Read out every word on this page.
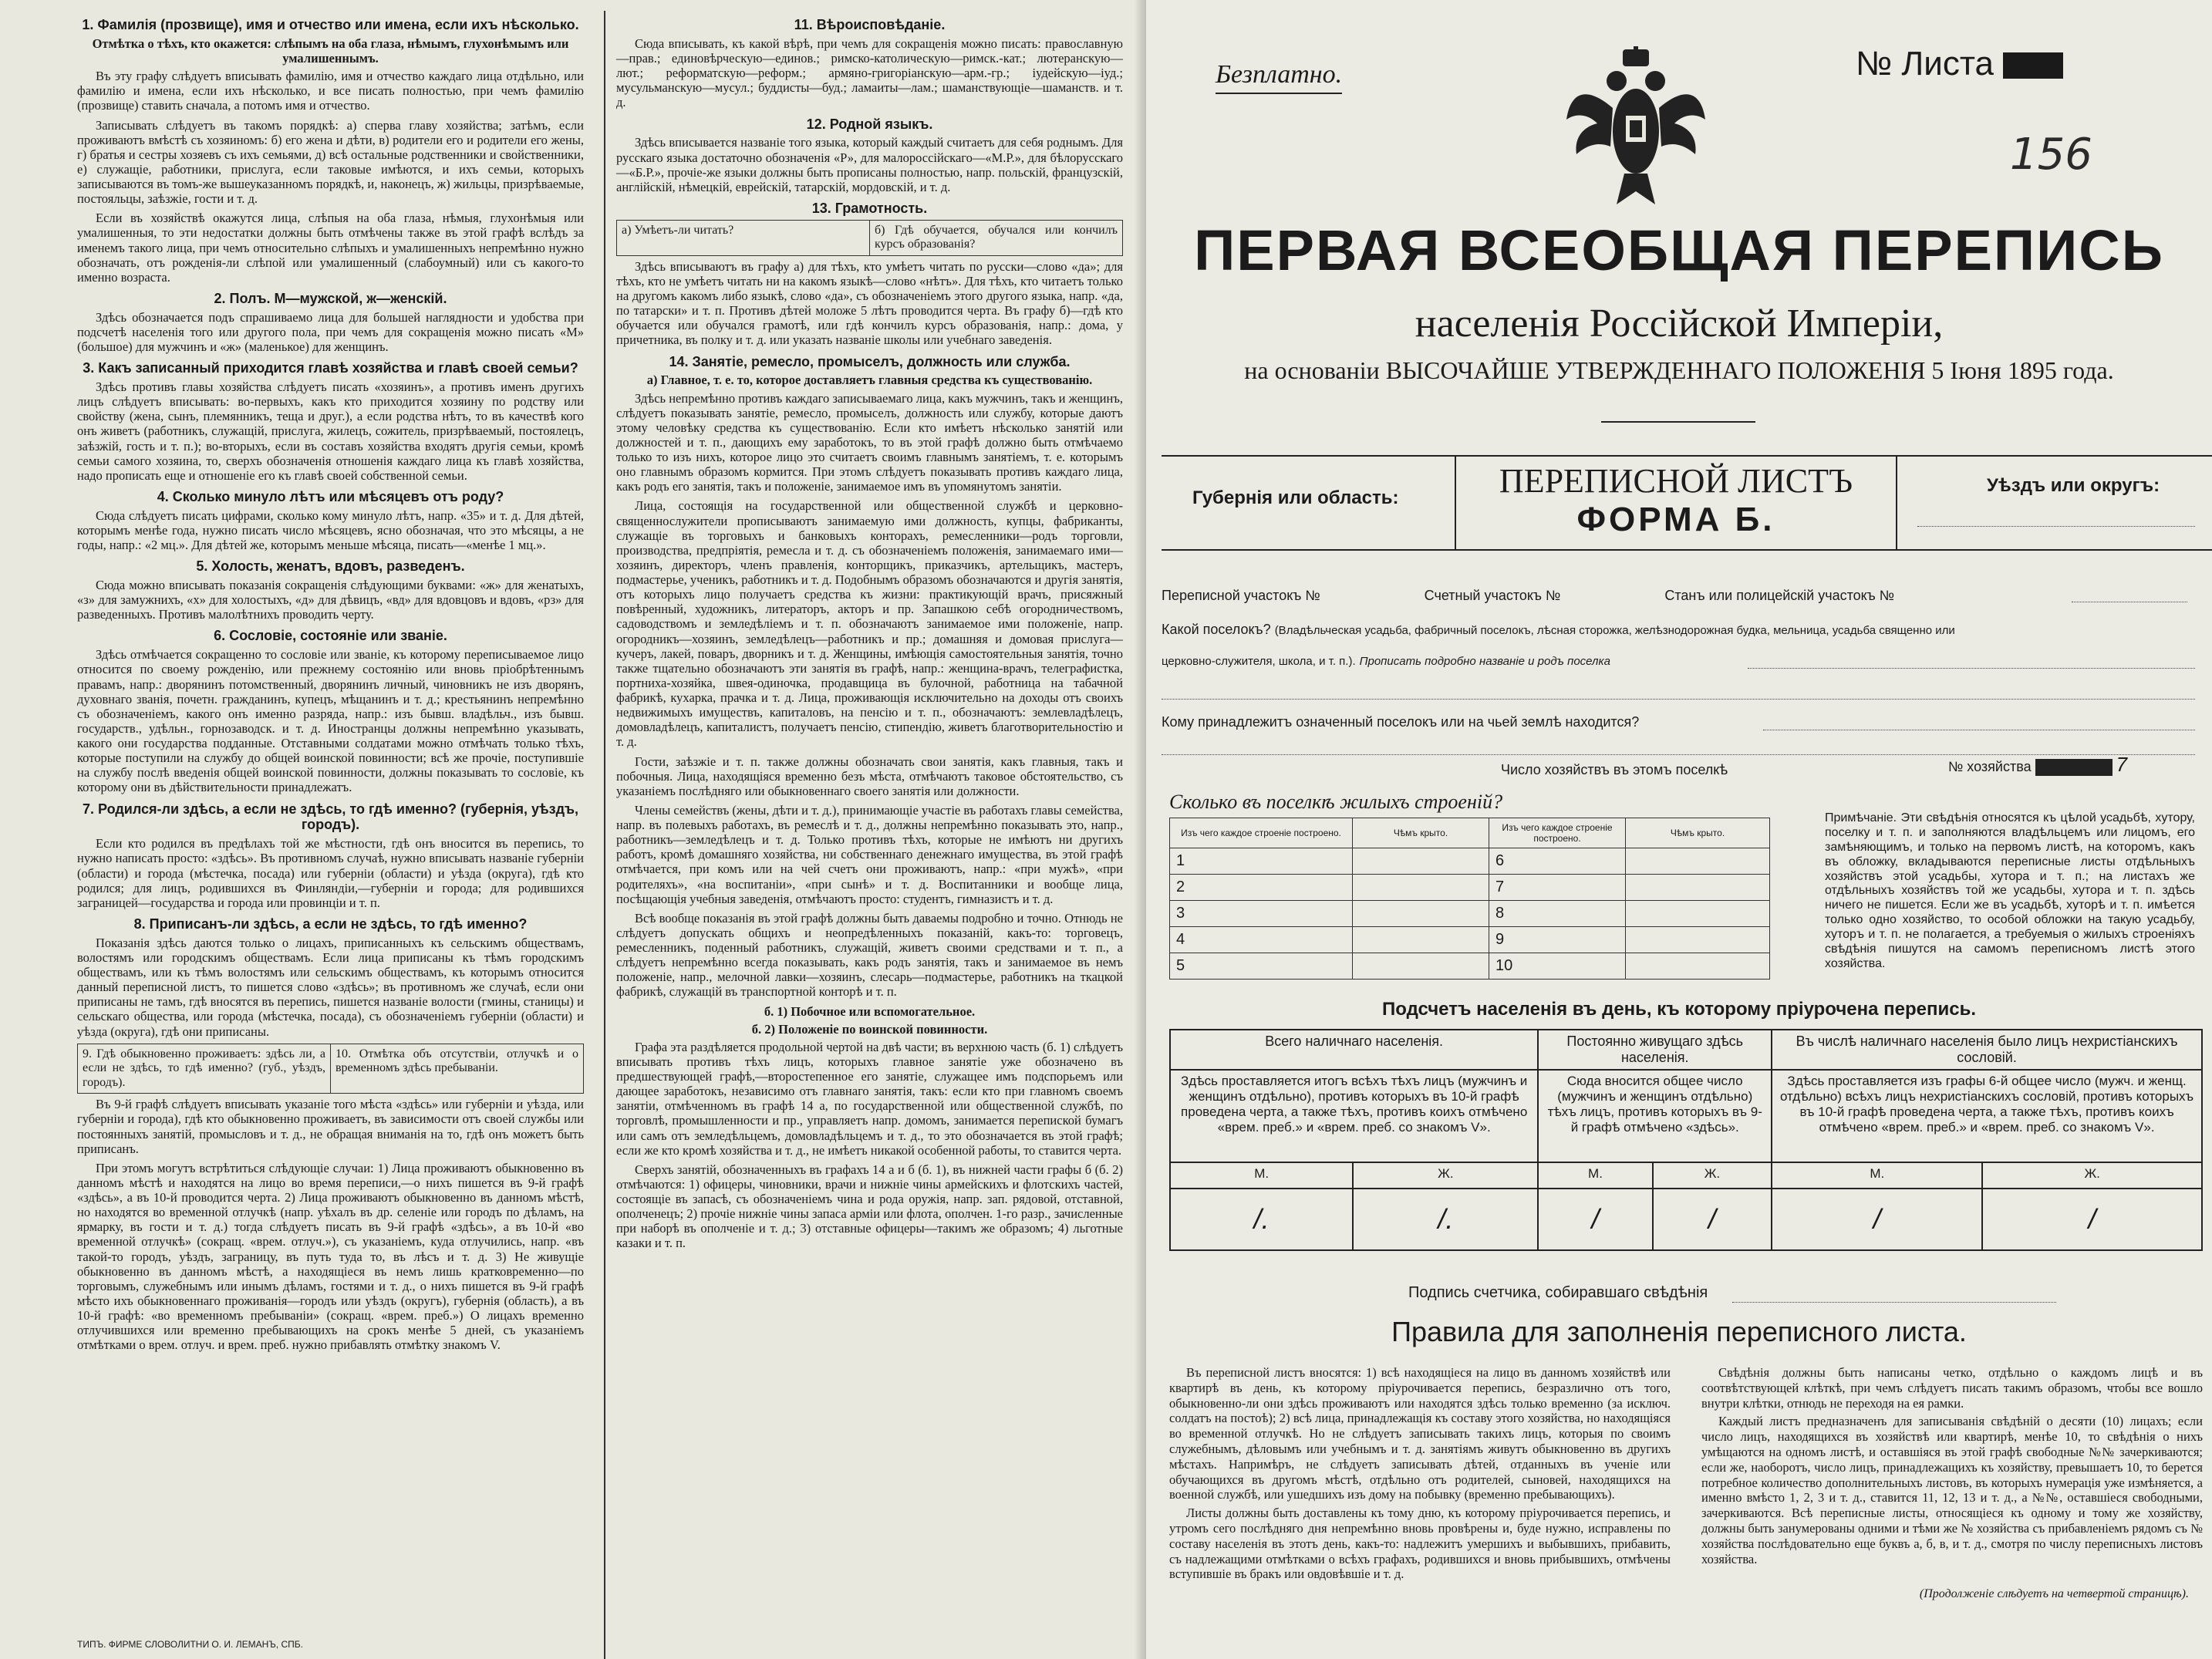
1. Фамилія (прозвище), имя и отчество или имена, если ихъ нѣсколько.
Отмѣтка о тѣхъ, кто окажется: слѣпымъ на оба глаза, нѣмымъ, глухонѣмымъ или умалишеннымъ.

Въ эту графу слѣдуетъ вписывать фамилію, имя и отчество каждаго лица отдѣльно, или фамилію и имена, если ихъ нѣсколько, и все писать полностью, при чемъ фамилію (прозвище) ставить сначала, а потомъ имя и отчество.

Записывать слѣдуетъ въ такомъ порядкѣ: а) сперва главу хозяйства; затѣмъ, если проживаютъ вмѣстѣ съ хозяиномъ: б) его жена и дѣти, в) родители его и родители его жены, г) братья и сестры хозяевъ съ ихъ семьями, д) всѣ остальные родственники и свойственники, е) служащіе, работники, прислуга, если таковые имѣются, и ихъ семьи, которыхъ записываются въ томъ-же вышеуказанномъ порядкѣ, и, наконецъ, ж) жильцы, призрѣваемые, постояльцы, заѣзжіе, гости и т. д.

Если въ хозяйствѣ окажутся лица, слѣпыя на оба глаза, нѣмыя, глухонѣмыя или умалишенныя, то эти недостатки должны быть отмѣчены также въ этой графѣ вслѣдъ за именемъ такого лица, при чемъ относительно слѣпыхъ и умалишенныхъ непремѣнно нужно обозначать, отъ рожденія-ли слѣпой или умалишенный (слабоумный) или съ какого-то именно возраста.

2. Полъ. М—мужской, ж—женскій.

Здѣсь обозначается подъ спрашиваемо лица для большей наглядности и удобства при подсчетѣ населенія того или другого пола, при чемъ для сокращенія можно писать «М» (большое) для мужчинъ и «ж» (маленькое) для женщинъ.

3. Какъ записанный приходится главѣ хозяйства и главѣ своей семьи?

Здѣсь противъ главы хозяйства слѣдуетъ писать «хозяинъ», а противъ именъ другихъ лицъ слѣдуетъ вписывать: во-первыхъ, какъ кто приходится хозяину по родству или свойству (жена, сынъ, племянникъ, теща и друг.), а если родства нѣтъ, то въ качествѣ кого онъ живетъ (работникъ, служащій, прислуга, жилецъ, сожитель, призрѣваемый, постоялецъ, заѣзжій, гость и т. п.); во-вторыхъ, если въ составъ хозяйства входятъ другія семьи, кромѣ семьи самого хозяина, то, сверхъ обозначенія отношенія каждаго лица къ главѣ хозяйства, надо прописать еще и отношеніе его къ главѣ своей собственной семьи.

4. Сколько минуло лѣтъ или мѣсяцевъ отъ роду?

Сюда слѣдуетъ писать цифрами, сколько кому минуло лѣтъ, напр. «35» и т. д. Для дѣтей, которымъ менѣе года, нужно писать число мѣсяцевъ, ясно обозначая, что это мѣсяцы, а не годы, напр.: «2 мц.». Для дѣтей же, которымъ меньше мѣсяца, писать—«менѣе 1 мц.».

5. Холость, женатъ, вдовъ, разведенъ.

Сюда можно вписывать показанія сокращенія слѣдующими буквами: «ж» для женатыхъ, «з» для замужнихъ, «х» для холостыхъ, «д» для дѣвицъ, «вд» для вдовцовъ и вдовъ, «рз» для разведенныхъ. Противъ малолѣтнихъ проводить черту.

6. Сословіе, состояніе или званіе.

Здѣсь отмѣчается сокращенно то сословіе или званіе, къ которому переписываемое лицо относится по своему рожденію, или прежнему состоянію или вновь пріобрѣтеннымъ правамъ, напр.: дворянинъ потомственный, дворянинъ личный, чиновникъ не изъ дворянъ, духовнаго званія, почетн. гражданинъ, купецъ, мѣщанинъ и т. д.; крестьянинъ непремѣнно съ обозначеніемъ, какого онъ именно разряда, напр.: изъ бывш. владѣльч., изъ бывш. государств., удѣльн., горнозаводск. и т. д. Иностранцы должны непремѣнно указывать, какого они государства подданные. Отставными солдатами можно отмѣчать только тѣхъ, которые поступили на службу до общей воинской повинности; всѣ же прочіе, поступившіе на службу послѣ введенія общей воинской повинности, должны показывать то сословіе, къ которому они въ дѣйствительности принадлежатъ.

7. Родился-ли здѣсь, а если не здѣсь, то гдѣ именно? (губернія, уѣздъ, городъ).

Если кто родился въ предѣлахъ той же мѣстности, гдѣ онъ вносится въ перепись, то нужно написать просто: «здѣсь». Въ противномъ случаѣ, нужно вписывать названіе губерніи (области) и города (мѣстечка, посада) или губерніи (области) и уѣзда (округа), гдѣ кто родился; для лицъ, родившихся въ Финляндіи,—губерніи и города; для родившихся заграницей—государства и города или провинціи и т. п.

8. Приписанъ-ли здѣсь, а если не здѣсь, то гдѣ именно?

Показанія здѣсь даются только о лицахъ, приписанныхъ къ сельскимъ обществамъ, волостямъ или городскимъ обществамъ. Если лица приписаны къ тѣмъ городскимъ обществамъ, или къ тѣмъ волостямъ или сельскимъ обществамъ, къ которымъ относится данный переписной листъ, то пишется слово «здѣсь»; въ противномъ же случаѣ, если они приписаны не тамъ, гдѣ вносятся въ перепись, пишется названіе волости (гмины, станицы) и сельскаго общества, или города (мѣстечка, посада), съ обозначеніемъ губерніи (области) и уѣзда (округа), гдѣ они приписаны.

9. Гдѣ обыкновенно проживаетъ: здѣсь ли, а если не здѣсь, то гдѣ именно? (губ., уѣздъ, городъ).
10. Отмѣтка объ отсутствіи, отлучкѣ и о временномъ здѣсь пребываніи.

Въ 9-й графѣ слѣдуетъ вписывать указаніе того мѣста «здѣсь» или губерніи и уѣзда, или губерніи и города), гдѣ кто обыкновенно проживаетъ, въ зависимости отъ своей службы или постоянныхъ занятій, промысловъ и т. д., не обращая вниманія на то, гдѣ онъ можетъ быть приписанъ.

При этомъ могутъ встрѣтиться слѣдующіе случаи: 1) Лица проживаютъ обыкновенно въ данномъ мѣстѣ и находятся на лицо во время переписи,—о нихъ пишется въ 9-й графѣ «здѣсь», а въ 10-й проводится черта. 2) Лица проживаютъ обыкновенно въ данномъ мѣстѣ, но находятся во временной отлучкѣ (напр. уѣхалъ въ др. селеніе или городъ по дѣламъ, на ярмарку, въ гости и т. д.) тогда слѣдуетъ писать въ 9-й графѣ «здѣсь», а въ 10-й «во временной отлучкѣ» (сокращ. «врем. отлуч.»), съ указаніемъ, куда отлучились, напр. «въ такой-то городъ, уѣздъ, заграницу, въ путь туда то, въ лѣсъ и т. д. 3) Не живущіе обыкновенно въ данномъ мѣстѣ, а находящіеся въ немъ лишь кратковременно—по торговымъ, служебнымъ или инымъ дѣламъ, гостями и т. д., о нихъ пишется въ 9-й графѣ мѣсто ихъ обыкновеннаго проживанія—городъ или уѣздъ (округъ), губернія (область), а въ 10-й графѣ: «во временномъ пребываніи» (сокращ. «врем. преб.») О лицахъ временно отлучившихся или временно пребывающихъ на срокъ менѣе 5 дней, съ указаніемъ отмѣтками о врем. отлуч. и врем. преб. нужно прибавлять отмѣтку знакомъ V.

11. Вѣроисповѣданіе.

Сюда вписывать, къ какой вѣрѣ, при чемъ для сокращенія можно писать: православную—прав.; единовѣрческую—единов.; римско-католическую—римск.-кат.; лютеранскую—лют.; реформатскую—реформ.; армяно-григоріанскую—арм.-гр.; іудейскую—іуд.; мусульманскую—мусул.; буддисты—буд.; ламаиты—лам.; шаманствующіе—шаманств. и т. д.

12. Родной языкъ.

Здѣсь вписывается названіе того языка, который каждый считаетъ для себя роднымъ. Для русскаго языка достаточно обозначенія «Р», для малороссійскаго—«М.Р.», для бѣлорусскаго—«Б.Р.», прочіе-же языки должны быть прописаны полностью, напр. польскій, французскій, англійскій, нѣмецкій, еврейскій, татарскій, мордовскій, и т. д.

13. Грамотность.
а) Умѣетъ-ли читать?	б) Гдѣ обучается, обучался или кончилъ курсъ образованія?

Здѣсь вписываютъ въ графу а) для тѣхъ, кто умѣетъ читать по русски—слово «да»; для тѣхъ, кто не умѣетъ читать ни на какомъ языкѣ—слово «нѣтъ». Для тѣхъ, кто читаетъ только на другомъ какомъ либо языкѣ, слово «да», съ обозначеніемъ этого другого языка, напр. «да, по татарски» и т. п. Противъ дѣтей моложе 5 лѣтъ проводится черта. Въ графу б)—гдѣ кто обучается или обучался грамотѣ, или гдѣ кончилъ курсъ образованія, напр.: дома, у причетника, въ полку и т. д. или указать названіе школы или учебнаго заведенія.

14. Занятіе, ремесло, промыселъ, должность или служба.
а) Главное, т. е. то, которое доставляетъ главныя средства къ существованію.

Здѣсь непремѣнно противъ каждаго записываемаго лица, какъ мужчинъ, такъ и женщинъ, слѣдуетъ показывать занятіе, ремесло, промыселъ, должность или службу, которые даютъ этому человѣку средства къ существованію. Если кто имѣетъ нѣсколько занятій или должностей и т. п., дающихъ ему заработокъ, то въ этой графѣ должно быть отмѣчаемо только то изъ нихъ, которое лицо это считаетъ своимъ главнымъ занятіемъ, т. е. которымъ оно главнымъ образомъ кормится. При этомъ слѣдуетъ показывать противъ каждаго лица, какъ родъ его занятія, такъ и положеніе, занимаемое имъ въ упомянутомъ занятіи.

Лица, состоящія на государственной или общественной службѣ и церковно-священнослужители прописываютъ занимаемую ими должность, купцы, фабриканты, служащіе въ торговыхъ и банковыхъ конторахъ, ремесленники—родъ торговли, производства, предпріятія, ремесла и т. д. съ обозначеніемъ положенія, занимаемаго ими—хозяинъ, директоръ, членъ правленія, конторщикъ, приказчикъ, артельщикъ, мастеръ, подмастерье, ученикъ, работникъ и т. д. Подобнымъ образомъ обозначаются и другія занятія, отъ которыхъ лицо получаетъ средства къ жизни: практикующій врачъ, присяжный повѣренный, художникъ, литераторъ, акторъ и пр. Запашкою себѣ огородничествомъ, садоводствомъ и земледѣліемъ и т. п. обозначаютъ занимаемое ими положеніе, напр. огородникъ—хозяинъ, земледѣлецъ—работникъ и пр.; домашняя и домовая прислуга—кучеръ, лакей, поваръ, дворникъ и т. д. Женщины, имѣющія самостоятельныя занятія, точно также тщательно обозначаютъ эти занятія въ графѣ, напр.: женщина-врачъ, телеграфистка, портниха-хозяйка, швея-одиночка, продавщица въ булочной, работница на табачной фабрикѣ, кухарка, прачка и т. д. Лица, проживающія исключительно на доходы отъ своихъ недвижимыхъ имуществъ, капиталовъ, на пенсію и т. п., обозначаютъ: землевладѣлецъ, домовладѣлецъ, капиталистъ, получаетъ пенсію, стипендію, живетъ благотворительностію и т. д.

Гости, заѣзжіе и т. п. также должны обозначать свои занятія, какъ главныя, такъ и побочныя. Лица, находящіяся временно безъ мѣста, отмѣчаютъ таковое обстоятельство, съ указаніемъ послѣдняго или обыкновеннаго своего занятія или должности.

Члены семействъ (жены, дѣти и т. д.), принимающіе участіе въ работахъ главы семейства, напр. въ полевыхъ работахъ, въ ремеслѣ и т. д., должны непремѣнно показывать это, напр., работникъ—земледѣлецъ и т. д. Только противъ тѣхъ, которые не имѣютъ ни другихъ работъ, кромѣ домашняго хозяйства, ни собственнаго денежнаго имущества, въ этой графѣ отмѣчается, при комъ или на чей счетъ они проживаютъ, напр.: «при мужѣ», «при родителяхъ», «на воспитаніи», «при сынѣ» и т. д. Воспитанники и вообще лица, посѣщающія учебныя заведенія, отмѣчаютъ просто: студентъ, гимназистъ и т. д.

Всѣ вообще показанія въ этой графѣ должны быть даваемы подробно и точно. Отнюдь не слѣдуетъ допускать общихъ и неопредѣленныхъ показаній, какъ-то: торговецъ, ремесленникъ, поденный работникъ, служащій, живетъ своими средствами и т. п., а слѣдуетъ непремѣнно всегда показывать, какъ родъ занятія, такъ и занимаемое въ немъ положеніе, напр., мелочной лавки—хозяинъ, слесарь—подмастерье, работникъ на ткацкой фабрикѣ, служащій въ транспортной конторѣ и т. п.

б. 1) Побочное или вспомогательное.
б. 2) Положеніе по воинской повинности.

Графа эта раздѣляется продольной чертой на двѣ части; въ верхнюю часть (б. 1) слѣдуетъ вписывать противъ тѣхъ лицъ, которыхъ главное занятіе уже обозначено въ предшествующей графѣ,—второстепенное его занятіе, служащее имъ подспорьемъ или дающее заработокъ, независимо отъ главнаго занятія, такъ: если кто при главномъ своемъ занятіи, отмѣченномъ въ графѣ 14 а, по государственной или общественной службѣ, по торговлѣ, промышленности и пр., управляетъ напр. домомъ, занимается перепиской бумагъ или самъ отъ земледѣльцемъ, домовладѣльцемъ и т. д., то это обозначается въ этой графѣ; если же кто кромѣ хозяйства и т. д., не имѣетъ никакой особенной работы, то ставится черта.

Сверхъ занятій, обозначенныхъ въ графахъ 14 а и б (б. 1), въ нижней части графы б (б. 2) отмѣчаются: 1) офицеры, чиновники, врачи и нижніе чины армейскихъ и флотскихъ частей, состоящіе въ запасѣ, съ обозначеніемъ чина и рода оружія, напр. зап. рядовой, отставной, ополченецъ; 2) прочіе нижніе чины запаса арміи или флота, ополчен. 1-го разр., зачисленные при наборѣ въ ополченіе и т. д.; 3) отставные офицеры—такимъ же образомъ; 4) льготные казаки и т. п.

ТИПЪ. ФИРМЕ СЛОВОЛИТНИ О. И. ЛЕМАНЪ, СПБ.
Безплатно.	№ Листа
156
ПЕРВАЯ ВСЕОБЩАЯ ПЕРЕПИСЬ
населенія Россійской Имперіи,
на основаніи ВЫСОЧАЙШЕ УТВЕРЖДЕННАГО ПОЛОЖЕНІЯ 5 Іюня 1895 года.
Губернія или область:	ПЕРЕПИСНОЙ ЛИСТЪ
ФОРМА Б.
Уѣздъ или округъ:
Переписной участокъ №	Счетный участокъ №	Станъ или полицейскій участокъ №
Какой поселокъ? (Владѣльческая усадьба, фабричный поселокъ, лѣсная сторожка, желѣзнодорожная будка, мельница, усадьба священно или
церковно-служителя, школа, и т. п.). Прописать подробно названіе и родъ поселка
Кому принадлежитъ означенный поселокъ или на чьей землѣ находится?
Число хозяйствъ въ этомъ поселкѣ	№ хозяйства	7
Сколько въ поселкѣ жилыхъ строеній?
Изъ чего каждое строеніе построено.	Чѣмъ крыто.	Изъ чего каждое строеніе построено.	Чѣмъ крыто.
1		6	
2		7	
3		8	
4		9	
5		10	
Примѣчаніе. Эти свѣдѣнія относятся къ цѣлой усадьбѣ, хутору, поселку и т. п. и заполняются владѣльцемъ или лицомъ, его замѣняющимъ, и только на первомъ листѣ, на которомъ, какъ въ обложку, вкладываются переписные листы отдѣльныхъ хозяйствъ этой усадьбы, хутора и т. п.; на листахъ же отдѣльныхъ хозяйствъ той же усадьбы, хутора и т. п. здѣсь ничего не пишется. Если же въ усадьбѣ, хуторѣ и т. п. имѣется только одно хозяйство, то особой обложки на такую усадьбу, хуторъ и т. п. не полагается, а требуемыя о жилыхъ строеніяхъ свѣдѣнія пишутся на самомъ переписномъ листѣ этого хозяйства.
Подсчетъ населенія въ день, къ которому пріурочена перепись.
Всего наличнаго населенія.		Постоянно живущаго здѣсь населенія.		Въ числѣ наличнаго населенія было лицъ нехристіанскихъ сословій.	
Здѣсь проставляется итогъ всѣхъ тѣхъ лицъ (мужчинъ и женщинъ отдѣльно), противъ которыхъ въ 10-й графѣ проведена черта, а также тѣхъ, противъ коихъ отмѣчено «врем. преб.» и «врем. преб. со знакомъ V».		Сюда вносится общее число (мужчинъ и женщинъ отдѣльно) тѣхъ лицъ, противъ которыхъ въ 9-й графѣ отмѣчено «здѣсь».		Здѣсь проставляется изъ графы 6-й общее число (мужч. и женщ. отдѣльно) всѣхъ лицъ нехристіанскихъ сословій, противъ которыхъ въ 10-й графѣ проведена черта, а также тѣхъ, противъ коихъ отмѣчено «врем. преб.» и «врем. преб. со знакомъ V».	
М.	Ж.	М.	Ж.	М.	Ж.
/.	/.	/	/	/	/
Подпись счетчика, собиравшаго свѣдѣнія
Правила для заполненія переписного листа.

Въ переписной листъ вносятся: 1) всѣ находящіеся на лицо въ данномъ хозяйствѣ или квартирѣ въ день, къ которому пріурочивается перепись, безразлично отъ того, обыкновенно-ли они здѣсь проживаютъ или находятся здѣсь только временно (за исключ. солдатъ на постоѣ); 2) всѣ лица, принадлежащія къ составу этого хозяйства, но находящіяся во временной отлучкѣ. Но не слѣдуетъ записывать такихъ лицъ, которыя по своимъ служебнымъ, дѣловымъ или учебнымъ и т. д. занятіямъ живутъ обыкновенно въ другихъ мѣстахъ. Напримѣръ, не слѣдуетъ записывать дѣтей, отданныхъ въ ученіе или обучающихся въ другомъ мѣстѣ, отдѣльно отъ родителей, сыновей, находящихся на военной службѣ, или ушедшихъ изъ дому на побывку (временно пребывающихъ).

Листы должны быть доставлены къ тому дню, къ которому пріурочивается перепись, и утромъ сего послѣдняго дня непремѣнно вновь провѣрены и, буде нужно, исправлены по составу населенія въ этотъ день, какъ-то: надлежитъ умершихъ и выбывшихъ, прибавить, съ надлежащими отмѣтками о всѣхъ графахъ, родившихся и вновь прибывшихъ, отмѣчены вступившіе въ бракъ или овдовѣвшіе и т. д.

Свѣдѣнія должны быть написаны четко, отдѣльно о каждомъ лицѣ и въ соотвѣтствующей клѣткѣ, при чемъ слѣдуетъ писать такимъ образомъ, чтобы все вошло внутри клѣтки, отнюдь не переходя на ея рамки.

Каждый листъ предназначенъ для записыванія свѣдѣній о десяти (10) лицахъ; если число лицъ, находящихся въ хозяйствѣ или квартирѣ, менѣе 10, то свѣдѣнія о нихъ умѣщаются на одномъ листѣ, и оставшіяся въ этой графѣ свободные №№ зачеркиваются; если же, наоборотъ, число лицъ, принадлежащихъ къ хозяйству, превышаетъ 10, то берется потребное количество дополнительныхъ листовъ, въ которыхъ нумерація уже измѣняется, а именно вмѣсто 1, 2, 3 и т. д., ставится 11, 12, 13 и т. д., а №№, оставшіеся свободными, зачеркиваются. Всѣ переписные листы, относящіеся къ одному и тому же хозяйству, должны быть занумерованы одними и тѣми же № хозяйства съ прибавленіемъ рядомъ съ № хозяйства послѣдовательно еще буквъ а, б, в, и т. д., смотря по числу переписныхъ листовъ хозяйства.

(Продолженіе слѣдуетъ на четвертой страницѣ).
